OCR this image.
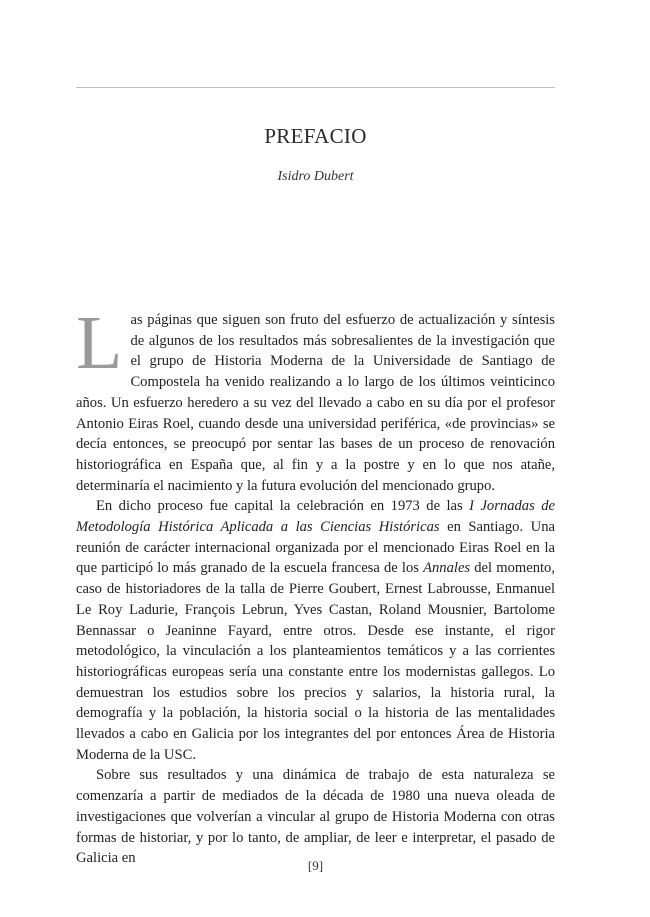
PREFACIO
Isidro Dubert

Las páginas que siguen son fruto del esfuerzo de actualización y síntesis de algunos de los resultados más sobresalientes de la investigación que el grupo de Historia Moderna de la Universidade de Santiago de Compostela ha venido realizando a lo largo de los últimos veinticinco años. Un esfuerzo heredero a su vez del llevado a cabo en su día por el profesor Antonio Eiras Roel, cuando desde una universidad periférica, «de provincias» se decía entonces, se preocupó por sentar las bases de un proceso de renovación historiográfica en España que, al fin y a la postre y en lo que nos atañe, determinaría el nacimiento y la futura evolución del mencionado grupo.

En dicho proceso fue capital la celebración en 1973 de las I Jornadas de Metodología Histórica Aplicada a las Ciencias Históricas en Santiago. Una reunión de carácter internacional organizada por el mencionado Eiras Roel en la que participó lo más granado de la escuela francesa de los Annales del momento, caso de historiadores de la talla de Pierre Goubert, Ernest Labrousse, Enmanuel Le Roy Ladurie, François Lebrun, Yves Castan, Roland Mousnier, Bartolome Bennassar o Jeaninne Fayard, entre otros. Desde ese instante, el rigor metodológico, la vinculación a los planteamientos temáticos y a las corrientes historiográficas europeas sería una constante entre los modernistas gallegos. Lo demuestran los estudios sobre los precios y salarios, la historia rural, la demografía y la población, la historia social o la historia de las mentalidades llevados a cabo en Galicia por los integrantes del por entonces Área de Historia Moderna de la USC.

Sobre sus resultados y una dinámica de trabajo de esta naturaleza se comenzaría a partir de mediados de la década de 1980 una nueva oleada de investigaciones que volverían a vincular al grupo de Historia Moderna con otras formas de historiar, y por lo tanto, de ampliar, de leer e interpretar, el pasado de Galicia en	[9]
